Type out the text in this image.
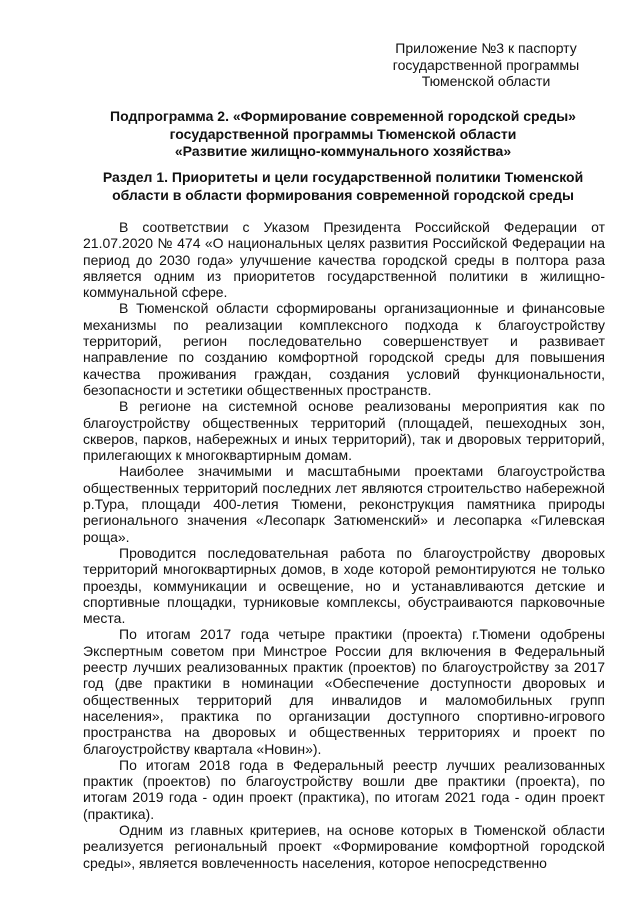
Приложение №3 к паспорту
государственной программы
Тюменской области
Подпрограмма 2. «Формирование современной городской среды»
государственной программы Тюменской области
«Развитие жилищно-коммунального хозяйства»
Раздел 1. Приоритеты и цели государственной политики Тюменской
области в области формирования современной городской среды

В соответствии с Указом Президента Российской Федерации от 21.07.2020 № 474 «О национальных целях развития Российской Федерации на период до 2030 года» улучшение качества городской среды в полтора раза является одним из приоритетов государственной политики в жилищно-коммунальной сфере.

В Тюменской области сформированы организационные и финансовые механизмы по реализации комплексного подхода к благоустройству территорий, регион последовательно совершенствует и развивает направление по созданию комфортной городской среды для повышения качества проживания граждан, создания условий функциональности, безопасности и эстетики общественных пространств.

В регионе на системной основе реализованы мероприятия как по благоустройству общественных территорий (площадей, пешеходных зон, скверов, парков, набережных и иных территорий), так и дворовых территорий, прилегающих к многоквартирным домам.

Наиболее значимыми и масштабными проектами благоустройства общественных территорий последних лет являются строительство набережной р.Тура, площади 400-летия Тюмени, реконструкция памятника природы регионального значения «Лесопарк Затюменский» и лесопарка «Гилевская роща».

Проводится последовательная работа по благоустройству дворовых территорий многоквартирных домов, в ходе которой ремонтируются не только проезды, коммуникации и освещение, но и устанавливаются детские и спортивные площадки, турниковые комплексы, обустраиваются парковочные места.

По итогам 2017 года четыре практики (проекта) г.Тюмени одобрены Экспертным советом при Минстрое России для включения в Федеральный реестр лучших реализованных практик (проектов) по благоустройству за 2017 год (две практики в номинации «Обеспечение доступности дворовых и общественных территорий для инвалидов и маломобильных групп населения», практика по организации доступного спортивно-игрового пространства на дворовых и общественных территориях и проект по благоустройству квартала «Новин»).

По итогам 2018 года в Федеральный реестр лучших реализованных практик (проектов) по благоустройству вошли две практики (проекта), по итогам 2019 года - один проект (практика), по итогам 2021 года - один проект (практика).

Одним из главных критериев, на основе которых в Тюменской области реализуется региональный проект «Формирование комфортной городской среды», является вовлеченность населения, которое непосредственно
